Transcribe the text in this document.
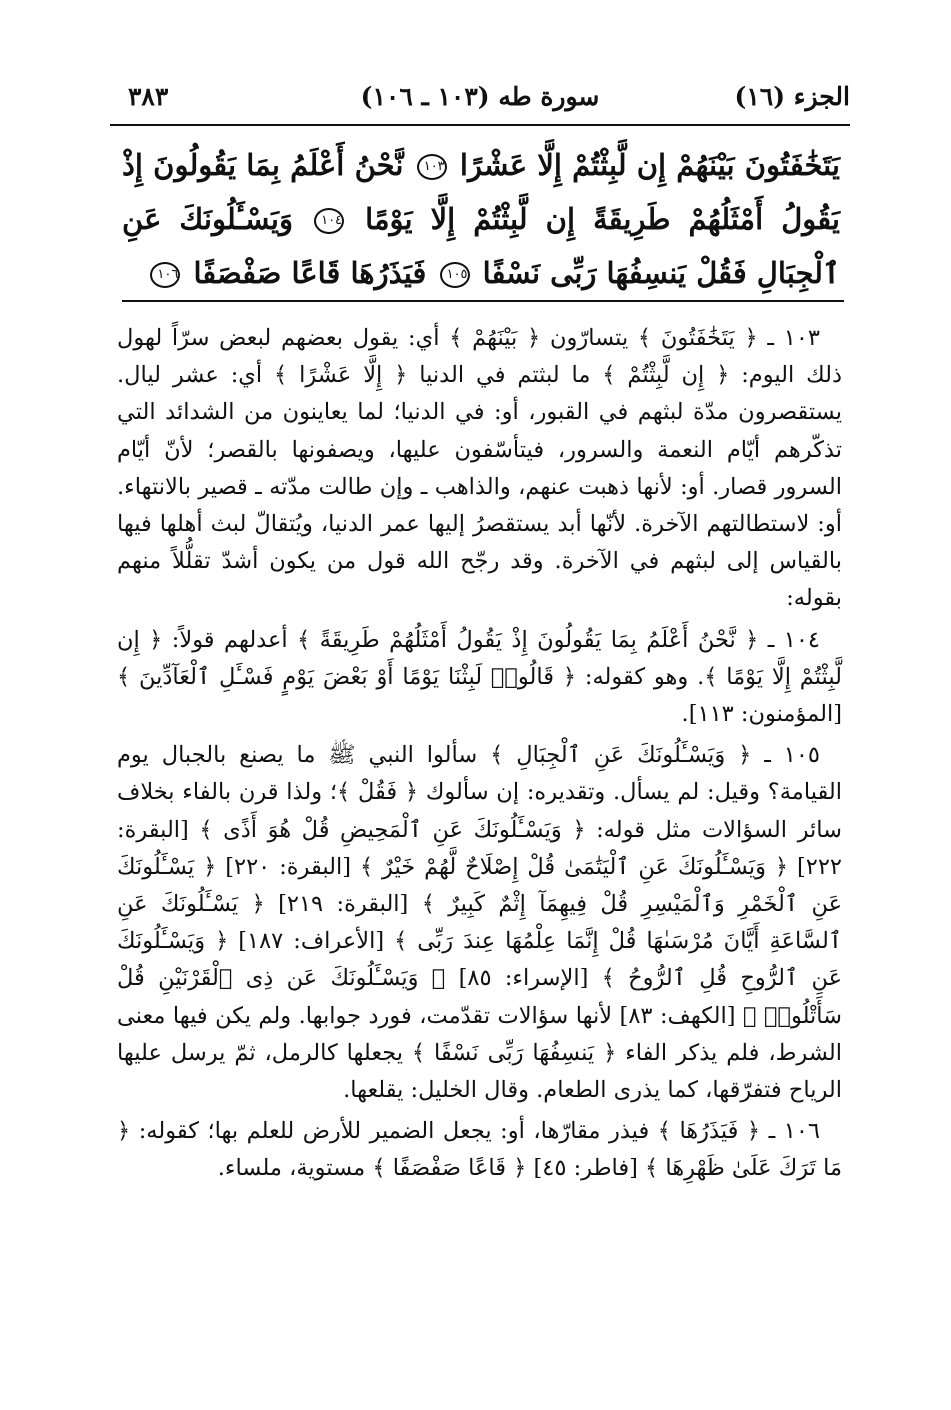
الجزء (١٦)
سورة طه (١٠٣ ـ ١٠٦)
٣٨٣
يَتَخَٰفَتُونَ بَيْنَهُمْ إِن لَّبِثْتُمْ إِلَّا عَشْرًا ١٠٣ نَّحْنُ أَعْلَمُ بِمَا يَقُولُونَ إِذْ يَقُولُ أَمْثَلُهُمْ طَرِيقَةً إِن لَّبِثْتُمْ إِلَّا يَوْمًا ١٠٤ وَيَسْـَٔلُونَكَ عَنِ ٱلْجِبَالِ فَقُلْ يَنسِفُهَا رَبِّى نَسْفًا ١٠٥ فَيَذَرُهَا قَاعًا صَفْصَفًا ١٠٦

١٠٣ ـ ﴿ يَتَخَٰفَتُونَ ﴾ يتسارّون ﴿ بَيْنَهُمْ ﴾ أي: يقول بعضهم لبعض سرّاً لهول ذلك اليوم: ﴿ إِن لَّبِثْتُمْ ﴾ ما لبثتم في الدنيا ﴿ إِلَّا عَشْرًا ﴾ أي: عشر ليال. يستقصرون مدّة لبثهم في القبور، أو: في الدنيا؛ لما يعاينون من الشدائد التي تذكّرهم أيّام النعمة والسرور، فيتأسّفون عليها، ويصفونها بالقصر؛ لأنّ أيّام السرور قصار. أو: لأنها ذهبت عنهم، والذاهب ـ وإن طالت مدّته ـ قصير بالانتهاء. أو: لاستطالتهم الآخرة. لأنّها أبد يستقصرُ إليها عمر الدنيا، ويُتقالّ لبث أهلها فيها بالقياس إلى لبثهم في الآخرة. وقد رجّح الله قول من يكون أشدّ تقلُّلاً منهم بقوله:

١٠٤ ـ ﴿ نَّحْنُ أَعْلَمُ بِمَا يَقُولُونَ إِذْ يَقُولُ أَمْثَلُهُمْ طَرِيقَةً ﴾ أعدلهم قولاً: ﴿ إِن لَّبِثْتُمْ إِلَّا يَوْمًا ﴾. وهو كقوله: ﴿ قَالُوا۟ لَبِثْنَا يَوْمًا أَوْ بَعْضَ يَوْمٍ فَسْـَٔلِ ٱلْعَآدِّينَ ﴾ [المؤمنون: ١١٣].

١٠٥ ـ ﴿ وَيَسْـَٔلُونَكَ عَنِ ٱلْجِبَالِ ﴾ سألوا النبي ﷺ ما يصنع بالجبال يوم القيامة؟ وقيل: لم يسأل. وتقديره: إن سألوك ﴿ فَقُلْ ﴾؛ ولذا قرن بالفاء بخلاف سائر السؤالات مثل قوله: ﴿ وَيَسْـَٔلُونَكَ عَنِ ٱلْمَحِيضِ قُلْ هُوَ أَذًى ﴾ [البقرة: ٢٢٢] ﴿ وَيَسْـَٔلُونَكَ عَنِ ٱلْيَتَٰمَىٰ قُلْ إِصْلَاحٌ لَّهُمْ خَيْرٌ ﴾ [البقرة: ٢٢٠] ﴿ يَسْـَٔلُونَكَ عَنِ ٱلْخَمْرِ وَٱلْمَيْسِرِ قُلْ فِيهِمَآ إِثْمٌ كَبِيرٌ ﴾ [البقرة: ٢١٩] ﴿ يَسْـَٔلُونَكَ عَنِ ٱلسَّاعَةِ أَيَّانَ مُرْسَىٰهَا قُلْ إِنَّمَا عِلْمُهَا عِندَ رَبِّى ﴾ [الأعراف: ١٨٧] ﴿ وَيَسْـَٔلُونَكَ عَنِ ٱلرُّوحِ قُلِ ٱلرُّوحُ ﴾ [الإسراء: ٨٥] ﴿ وَيَسْـَٔلُونَكَ عَن ذِى ٱلْقَرْنَيْنِ قُلْ سَأَتْلُوا۟ ﴾ [الكهف: ٨٣] لأنها سؤالات تقدّمت، فورد جوابها. ولم يكن فيها معنى الشرط، فلم يذكر الفاء ﴿ يَنسِفُهَا رَبِّى نَسْفًا ﴾ يجعلها كالرمل، ثمّ يرسل عليها الرياح فتفرّقها، كما يذرى الطعام. وقال الخليل: يقلعها.

١٠٦ ـ ﴿ فَيَذَرُهَا ﴾ فيذر مقارّها، أو: يجعل الضمير للأرض للعلم بها؛ كقوله: ﴿ مَا تَرَكَ عَلَىٰ ظَهْرِهَا ﴾ [فاطر: ٤٥] ﴿ قَاعًا صَفْصَفًا ﴾ مستوية، ملساء.
